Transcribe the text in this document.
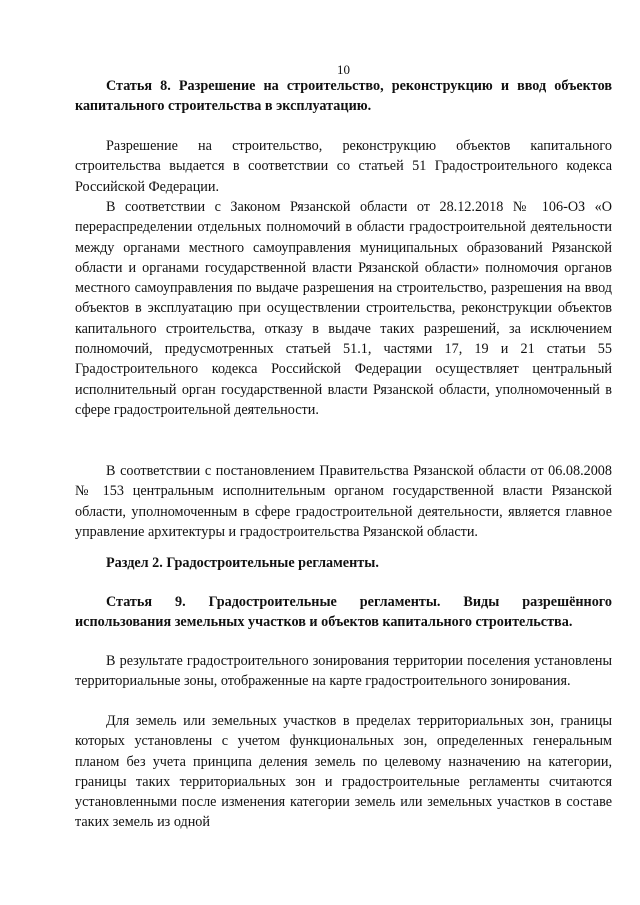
10

Статья 8. Разрешение на строительство, реконструкцию и ввод объектов капитального строительства в эксплуатацию.

Разрешение на строительство, реконструкцию объектов капитального строительства выдается в соответствии со статьей 51 Градостроительного кодекса Российской Федерации.

В соответствии с Законом Рязанской области от 28.12.2018 № 106-ОЗ «О перераспределении отдельных полномочий в области градостроительной деятельности между органами местного самоуправления муниципальных образований Рязанской области и органами государственной власти Рязанской области» полномочия органов местного самоуправления по выдаче разрешения на строительство, разрешения на ввод объектов в эксплуатацию при осуществлении строительства, реконструкции объектов капитального строительства, отказу в выдаче таких разрешений, за исключением полномочий, предусмотренных статьей 51.1, частями 17, 19 и 21 статьи 55 Градостроительного кодекса Российской Федерации осуществляет центральный исполнительный орган государственной власти Рязанской области, уполномоченный в сфере градостроительной деятельности.

В соответствии с постановлением Правительства Рязанской области от 06.08.2008 № 153 центральным исполнительным органом государственной власти Рязанской области, уполномоченным в сфере градостроительной деятельности, является главное управление архитектуры и градостроительства Рязанской области.

Раздел 2. Градостроительные регламенты.

Статья 9. Градостроительные регламенты. Виды разрешённого использования земельных участков и объектов капитального строительства.

В результате градостроительного зонирования территории поселения установлены территориальные зоны, отображенные на карте градостроительного зонирования.

Для земель или земельных участков в пределах территориальных зон, границы которых установлены с учетом функциональных зон, определенных генеральным планом без учета принципа деления земель по целевому назначению на категории, границы таких территориальных зон и градостроительные регламенты считаются установленными после изменения категории земель или земельных участков в составе таких земель из одной
